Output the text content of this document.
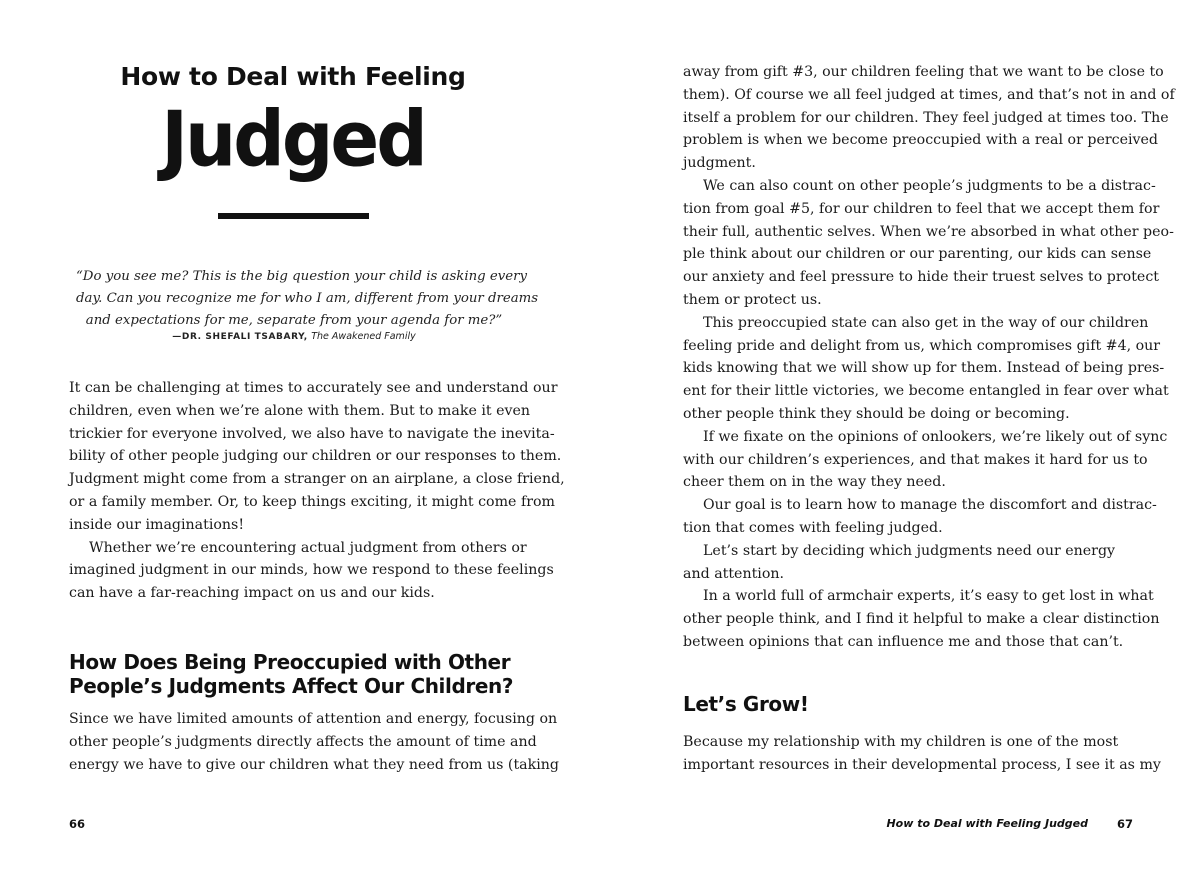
How to Deal with Feeling
Judged
“Do you see me? This is the big question your child is asking every
day. Can you recognize me for who I am, different from your dreams
and expectations for me, separate from your agenda for me?”
—DR. SHEFALI TSABARY, The Awakened Family
It can be challenging at times to accurately see and understand our
children, even when we’re alone with them. But to make it even
trickier for everyone involved, we also have to navigate the inevita-
bility of other people judging our children or our responses to them.
Judgment might come from a stranger on an airplane, a close friend,
or a family member. Or, to keep things exciting, it might come from
inside our imaginations!
Whether we’re encountering actual judgment from others or
imagined judgment in our minds, how we respond to these feelings
can have a far-reaching impact on us and our kids.
How Does Being Preoccupied with Other
People’s Judgments Affect Our Children?
Since we have limited amounts of attention and energy, focusing on
other people’s judgments directly affects the amount of time and
energy we have to give our children what they need from us (taking
66
away from gift #3, our children feeling that we want to be close to
them). Of course we all feel judged at times, and that’s not in and of
itself a problem for our children. They feel judged at times too. The
problem is when we become preoccupied with a real or perceived
judgment.
We can also count on other people’s judgments to be a distrac-
tion from goal #5, for our children to feel that we accept them for
their full, authentic selves. When we’re absorbed in what other peo-
ple think about our children or our parenting, our kids can sense
our anxiety and feel pressure to hide their truest selves to protect
them or protect us.
This preoccupied state can also get in the way of our children
feeling pride and delight from us, which compromises gift #4, our
kids knowing that we will show up for them. Instead of being pres-
ent for their little victories, we become entangled in fear over what
other people think they should be doing or becoming.
If we fixate on the opinions of onlookers, we’re likely out of sync
with our children’s experiences, and that makes it hard for us to
cheer them on in the way they need.
Our goal is to learn how to manage the discomfort and distrac-
tion that comes with feeling judged.
Let’s start by deciding which judgments need our energy
and attention.
In a world full of armchair experts, it’s easy to get lost in what
other people think, and I find it helpful to make a clear distinction
between opinions that can influence me and those that can’t.
Let’s Grow!
Because my relationship with my children is one of the most
important resources in their developmental process, I see it as my
How to Deal with Feeling Judged	67
